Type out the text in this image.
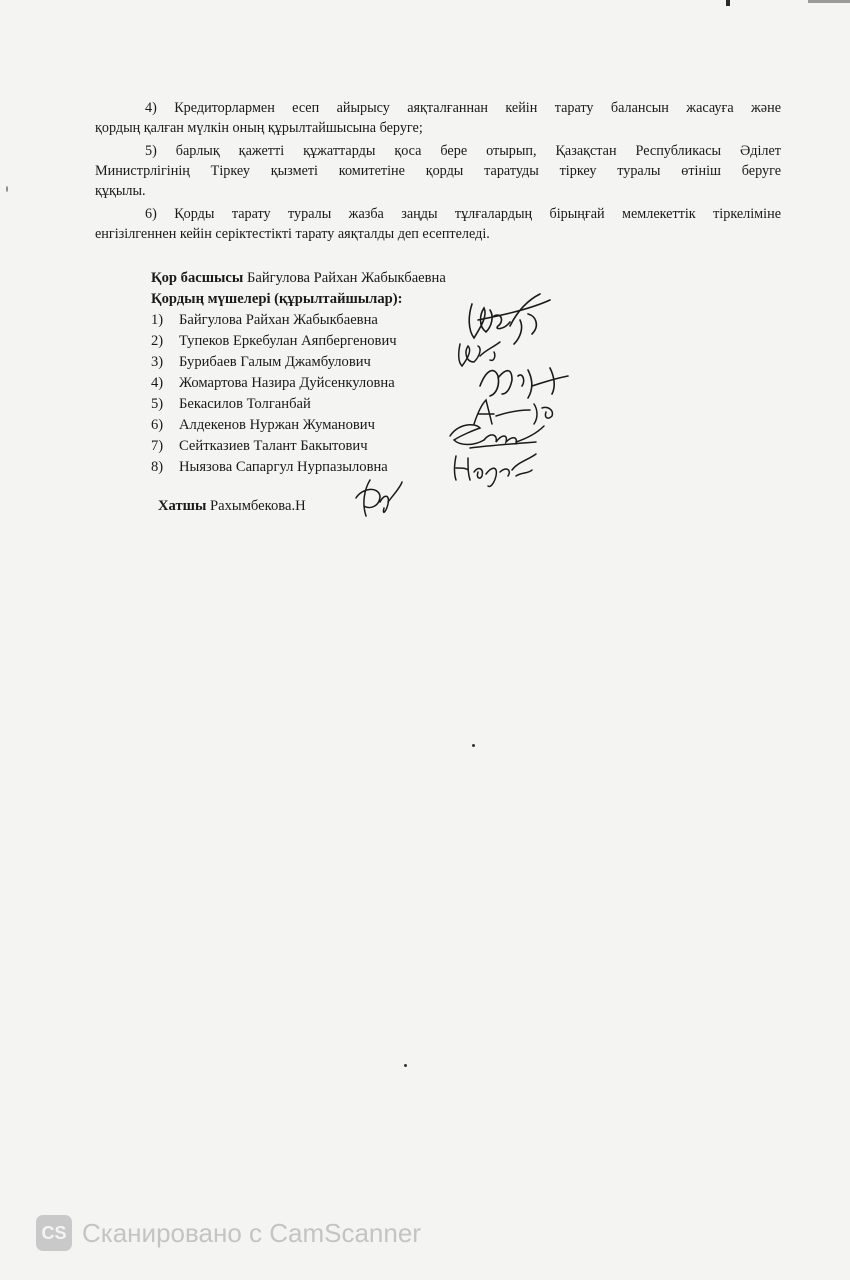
4) Кредиторлармен есеп айырысу аяқталғаннан кейін тарату балансын жасауға және
қордың қалған мүлкін оның құрылтайшысына беруге;
5) барлық қажетті құжаттарды қоса бере отырып, Қазақстан Республикасы Әділет
Министрлігінің Тіркеу қызметі комитетіне қорды таратуды тіркеу туралы өтініш беруге
құқылы.
6) Қорды тарату туралы жазба заңды тұлғалардың бірыңғай мемлекеттік тіркеліміне
енгізілгеннен кейін серіктестікті тарату аяқталды деп есептеледі.
Қор басшысы Байгулова Райхан Жабыкбаевна
Қордың мүшелері (құрылтайшылар):
1) Байгулова Райхан Жабыкбаевна
2) Тупеков Еркебулан Аяпбергенович
3) Бурибаев Галым Джамбулович
4) Жомартова Назира Дуйсенкуловна
5) Бекасилов Толганбай
6) Алдекенов Нуржан Жуманович
7) Сейтказиев Талант Бакытович
8) Ныязова Сапаргул Нурпазыловна
Хатшы Рахымбекова.Н
CS Сканировано с CamScanner
